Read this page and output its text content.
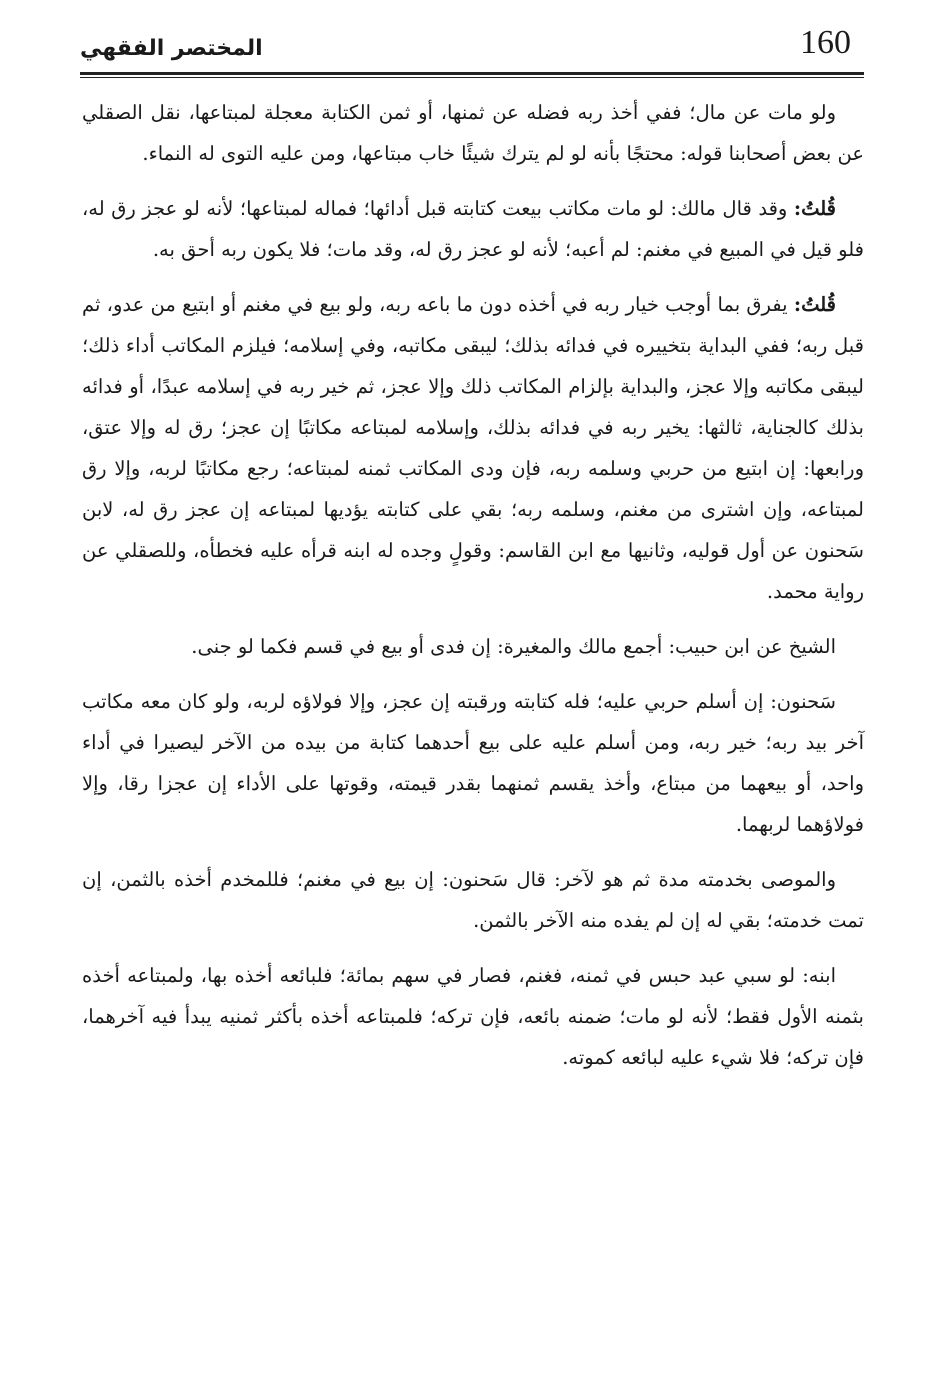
المختصر الفقهي	160

ولو مات عن مال؛ ففي أخذ ربه فضله عن ثمنها، أو ثمن الكتابة معجلة لمبتاعها، نقل الصقلي عن بعض أصحابنا قوله: محتجًا بأنه لو لم يترك شيئًا خاب مبتاعها، ومن عليه التوى له النماء.

قُلتُ: وقد قال مالك: لو مات مكاتب بيعت كتابته قبل أدائها؛ فماله لمبتاعها؛ لأنه لو عجز رق له، فلو قيل في المبيع في مغنم: لم أعبه؛ لأنه لو عجز رق له، وقد مات؛ فلا يكون ربه أحق به.

قُلتُ: يفرق بما أوجب خيار ربه في أخذه دون ما باعه ربه، ولو بيع في مغنم أو ابتيع من عدو، ثم قبل ربه؛ ففي البداية بتخييره في فدائه بذلك؛ ليبقى مكاتبه، وفي إسلامه؛ فيلزم المكاتب أداء ذلك؛ ليبقى مكاتبه وإلا عجز، والبداية بإلزام المكاتب ذلك وإلا عجز، ثم خير ربه في إسلامه عبدًا، أو فدائه بذلك كالجناية، ثالثها: يخير ربه في فدائه بذلك، وإسلامه لمبتاعه مكاتبًا إن عجز؛ رق له وإلا عتق، ورابعها: إن ابتيع من حربي وسلمه ربه، فإن ودى المكاتب ثمنه لمبتاعه؛ رجع مكاتبًا لربه، وإلا رق لمبتاعه، وإن اشترى من مغنم، وسلمه ربه؛ بقي على كتابته يؤديها لمبتاعه إن عجز رق له، لابن سَحنون عن أول قوليه، وثانيها مع ابن القاسم: وقولٍ وجده له ابنه قرأه عليه فخطأه، وللصقلي عن رواية محمد.

الشيخ عن ابن حبيب: أجمع مالك والمغيرة: إن فدى أو بيع في قسم فكما لو جنى.

سَحنون: إن أسلم حربي عليه؛ فله كتابته ورقبته إن عجز، وإلا فولاؤه لربه، ولو كان معه مكاتب آخر بيد ربه؛ خير ربه، ومن أسلم عليه على بيع أحدهما كتابة من بيده من الآخر ليصيرا في أداء واحد، أو بيعهما من مبتاع، وأخذ يقسم ثمنهما بقدر قيمته، وقوتها على الأداء إن عجزا رقا، وإلا فولاؤهما لربهما.

والموصى بخدمته مدة ثم هو لآخر: قال سَحنون: إن بيع في مغنم؛ فللمخدم أخذه بالثمن، إن تمت خدمته؛ بقي له إن لم يفده منه الآخر بالثمن.

ابنه: لو سبي عبد حبس في ثمنه، فغنم، فصار في سهم بمائة؛ فلبائعه أخذه بها، ولمبتاعه أخذه بثمنه الأول فقط؛ لأنه لو مات؛ ضمنه بائعه، فإن تركه؛ فلمبتاعه أخذه بأكثر ثمنيه يبدأ فيه آخرهما، فإن تركه؛ فلا شيء عليه لبائعه كموته.
